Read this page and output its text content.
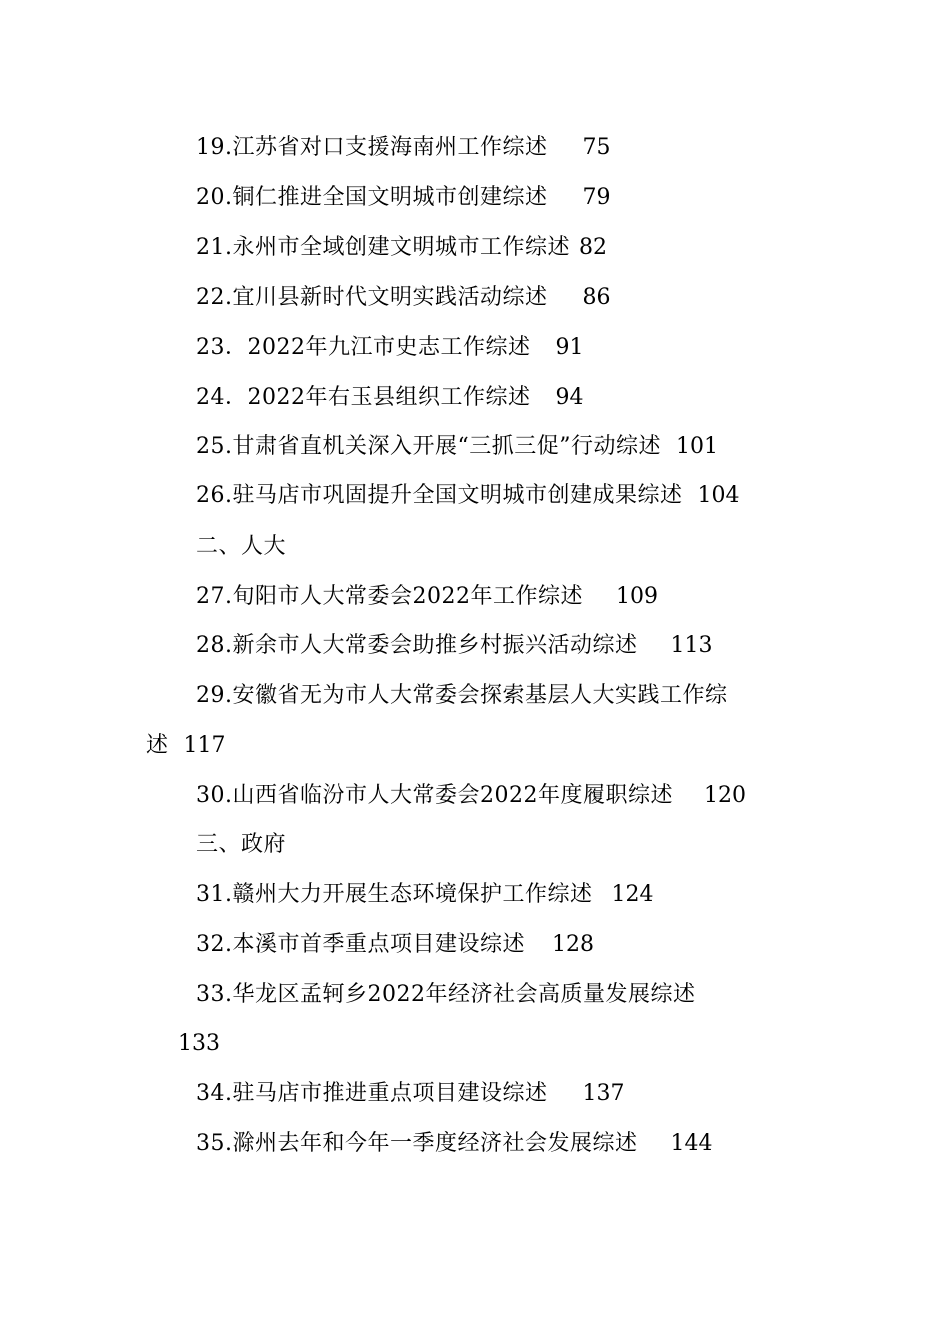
19.江苏省对口支援海南州工作综述 75
20.铜仁推进全国文明城市创建综述 79
21.永州市全域创建文明城市工作综述 82
22.宜川县新时代文明实践活动综述 86
23．2022年九江市史志工作综述 91
24．2022年右玉县组织工作综述 94
25.甘肃省直机关深入开展“三抓三促”行动综述 101
26.驻马店市巩固提升全国文明城市创建成果综述 104
二、人大
27.旬阳市人大常委会2022年工作综述 109
28.新余市人大常委会助推乡村振兴活动综述 113
29.安徽省无为市人大常委会探索基层人大实践工作综
述 117
30.山西省临汾市人大常委会2022年度履职综述 120
三、政府
31.赣州大力开展生态环境保护工作综述 124
32.本溪市首季重点项目建设综述 128
33.华龙区孟轲乡2022年经济社会高质量发展综述
133
34.驻马店市推进重点项目建设综述 137
35.滁州去年和今年一季度经济社会发展综述 144
